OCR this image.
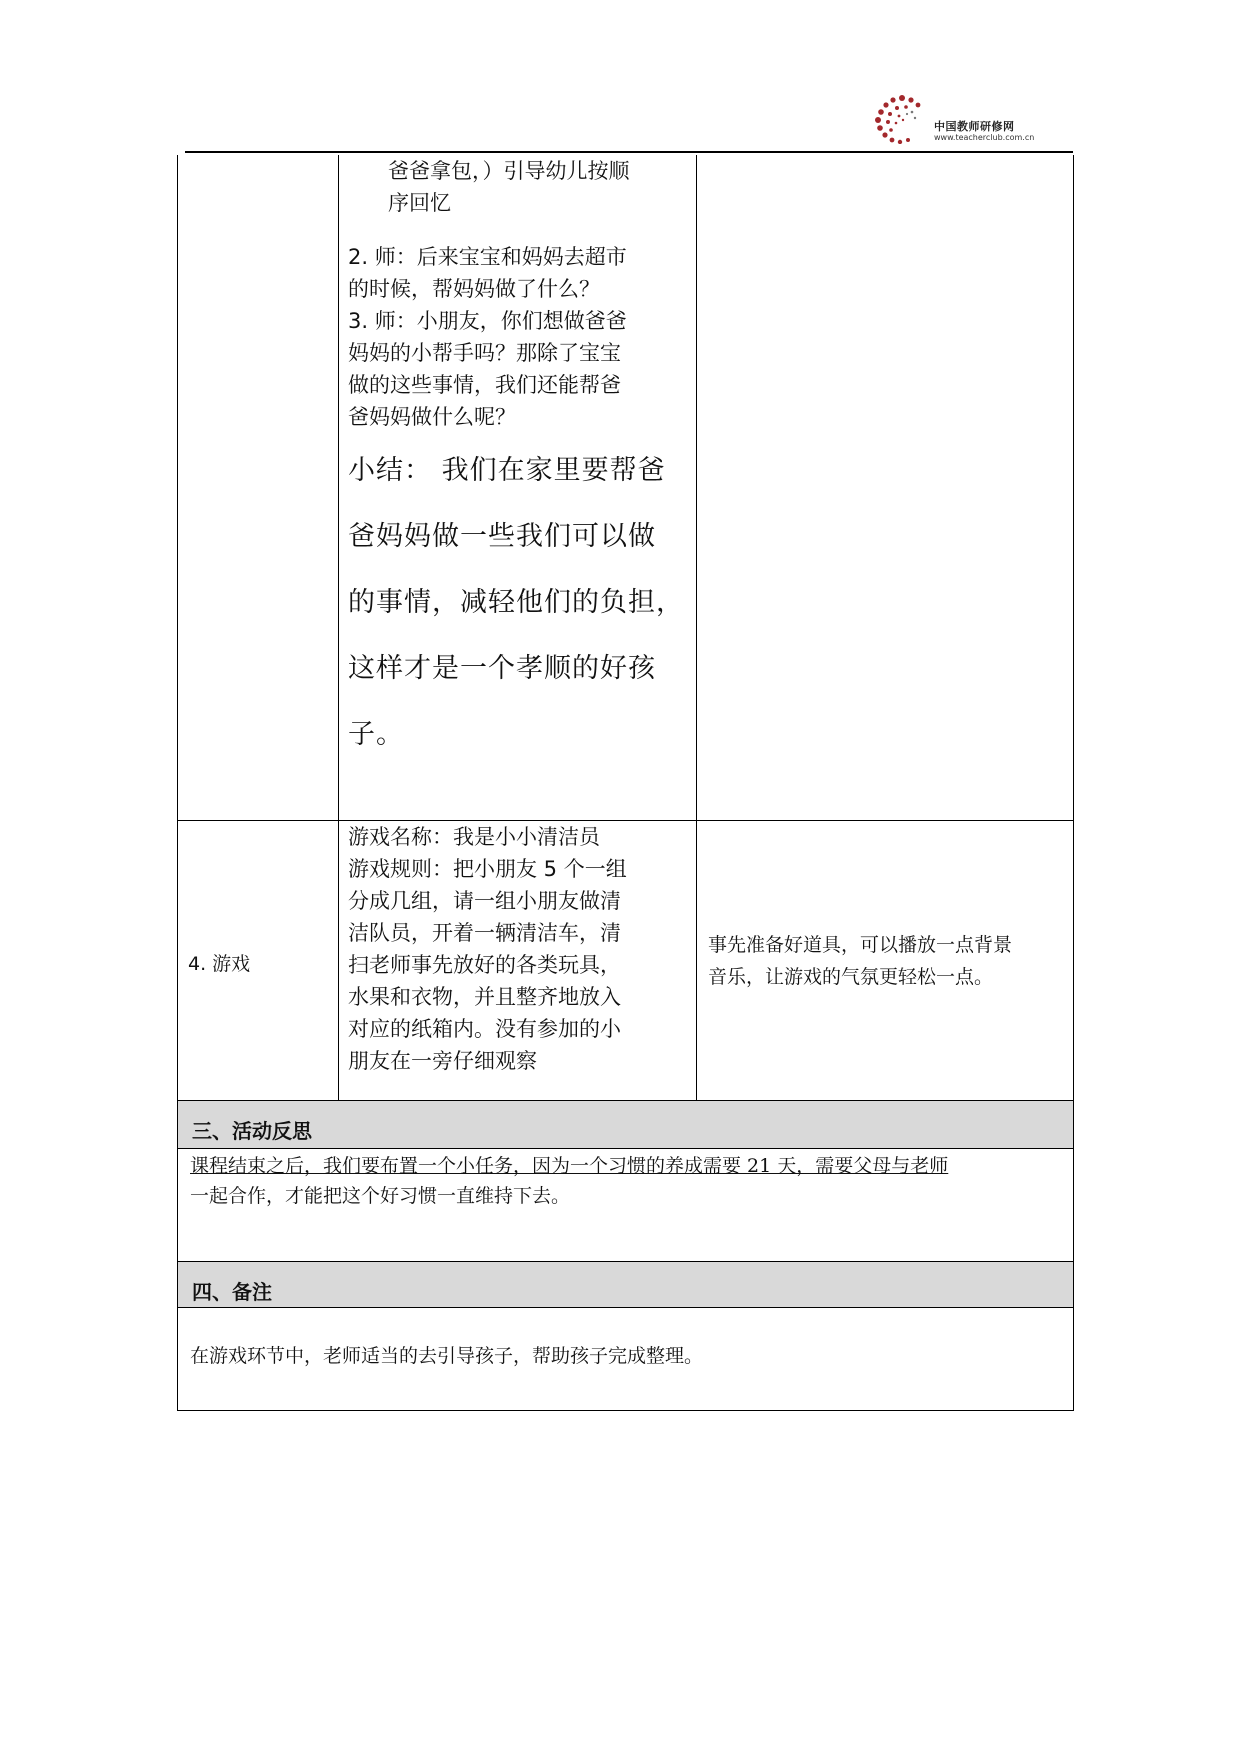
中国教师研修网
www.teacherclub.com.cn
爸爸拿包，）引导幼儿按顺
序回忆
2. 师：后来宝宝和妈妈去超市
的时候，帮妈妈做了什么？
3. 师：小朋友，你们想做爸爸
妈妈的小帮手吗？那除了宝宝
做的这些事情，我们还能帮爸
爸妈妈做什么呢？
小结： 我们在家里要帮爸
爸妈妈做一些我们可以做
的事情，减轻他们的负担，
这样才是一个孝顺的好孩
子。
4. 游戏
游戏名称：我是小小清洁员
游戏规则：把小朋友 5 个一组
分成几组，请一组小朋友做清
洁队员，开着一辆清洁车，清
扫老师事先放好的各类玩具，
水果和衣物，并且整齐地放入
对应的纸箱内。没有参加的小
朋友在一旁仔细观察
事先准备好道具，可以播放一点背景
音乐，让游戏的气氛更轻松一点。
三、活动反思
课程结束之后，我们要布置一个小任务，因为一个习惯的养成需要 21 天，需要父母与老师
一起合作，才能把这个好习惯一直维持下去。
四、备注
在游戏环节中，老师适当的去引导孩子，帮助孩子完成整理。
